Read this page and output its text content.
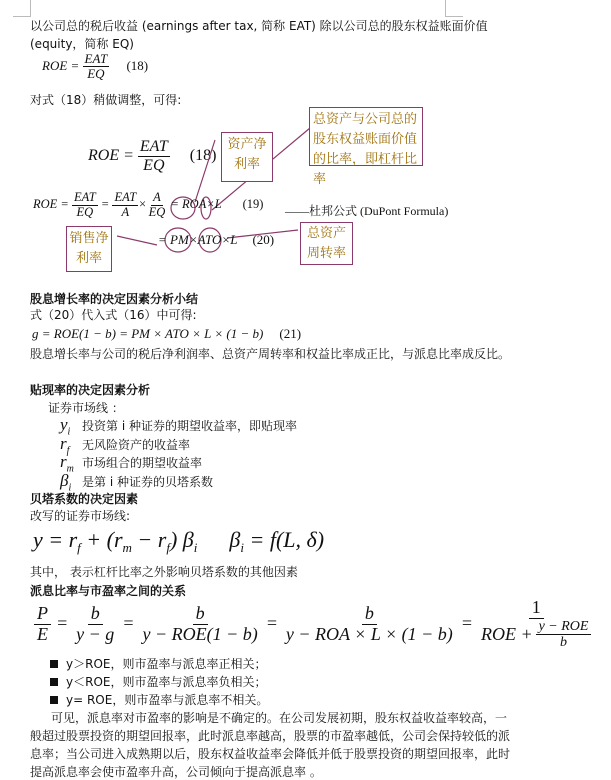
以公司总的税后收益 (earnings after tax, 简称 EAT) 除以公司总的股东权益账面价值
(equity，简称 EQ)
ROE = $\frac{\text{EAT}}{EQ} (18)$
对式（18）稍做调整，可得:
ROE = $\frac{\text{EAT}}{EQ} (18)$
ROE = $\frac{\text{EAT}}{EQ} = \frac{\text{EAT}}{A} \times \frac{A}{EQ} = ROA\times L$ (19) ——杜邦公式 (DuPont Formula)
= PM×ATO×L (20)
资产净利率
总资产与公司总的股东权益账面价值的比率，即杠杆比率
销售净利率
总资产周转率
股息增长率的决定因素分析小结
式（20）代入式（16）中可得:
g = ROE(1 − b) = PM × ATO × L × (1 − b) (21)
股息增长率与公司的税后净利润率、总资产周转率和权益比率成正比，与派息比率成反比。
贴现率的决定因素分析
证券市场线 ：
$y_i$ 投资第 i 种证券的期望收益率，即贴现率
$r_f$ 无风险资产的收益率
$r_m$ 市场组合的期望收益率
$\beta_i$ 是第 i 种证券的贝塔系数
贝塔系数的决定因素
改写的证券市场线:
$y = r_f + (r_m - r_f)$ $\beta_i$ $\beta_i = f(L$, δ)
其中， 表示杠杆比率之外影响贝塔系数的其他因素
派息比率与市盈率之间的关系
$\frac{P}{E} = \frac{b}{y - g} = \frac{b}{\text{y − ROE(1 − b)}} = \frac{b}{\text{y − ROA × L × (1 − b)}} = \frac{1}{ROE + \frac{\text{y − ROE}}{b}}$
y＞ROE，则市盈率与派息率正相关；
y＜ROE，则市盈率与派息率负相关；
y= ROE，则市盈率与派息率不相关。
可见，派息率对市盈率的影响是不确定的。在公司发展初期，股东权益收益率较高，一
般超过股票投资的期望回报率，此时派息率越高，股票的市盈率越低，公司会保持较低的派
息率；当公司进入成熟期以后，股东权益收益率会降低并低于股票投资的期望回报率，此时
提高派息率会使市盈率升高，公司倾向于提高派息率 。
